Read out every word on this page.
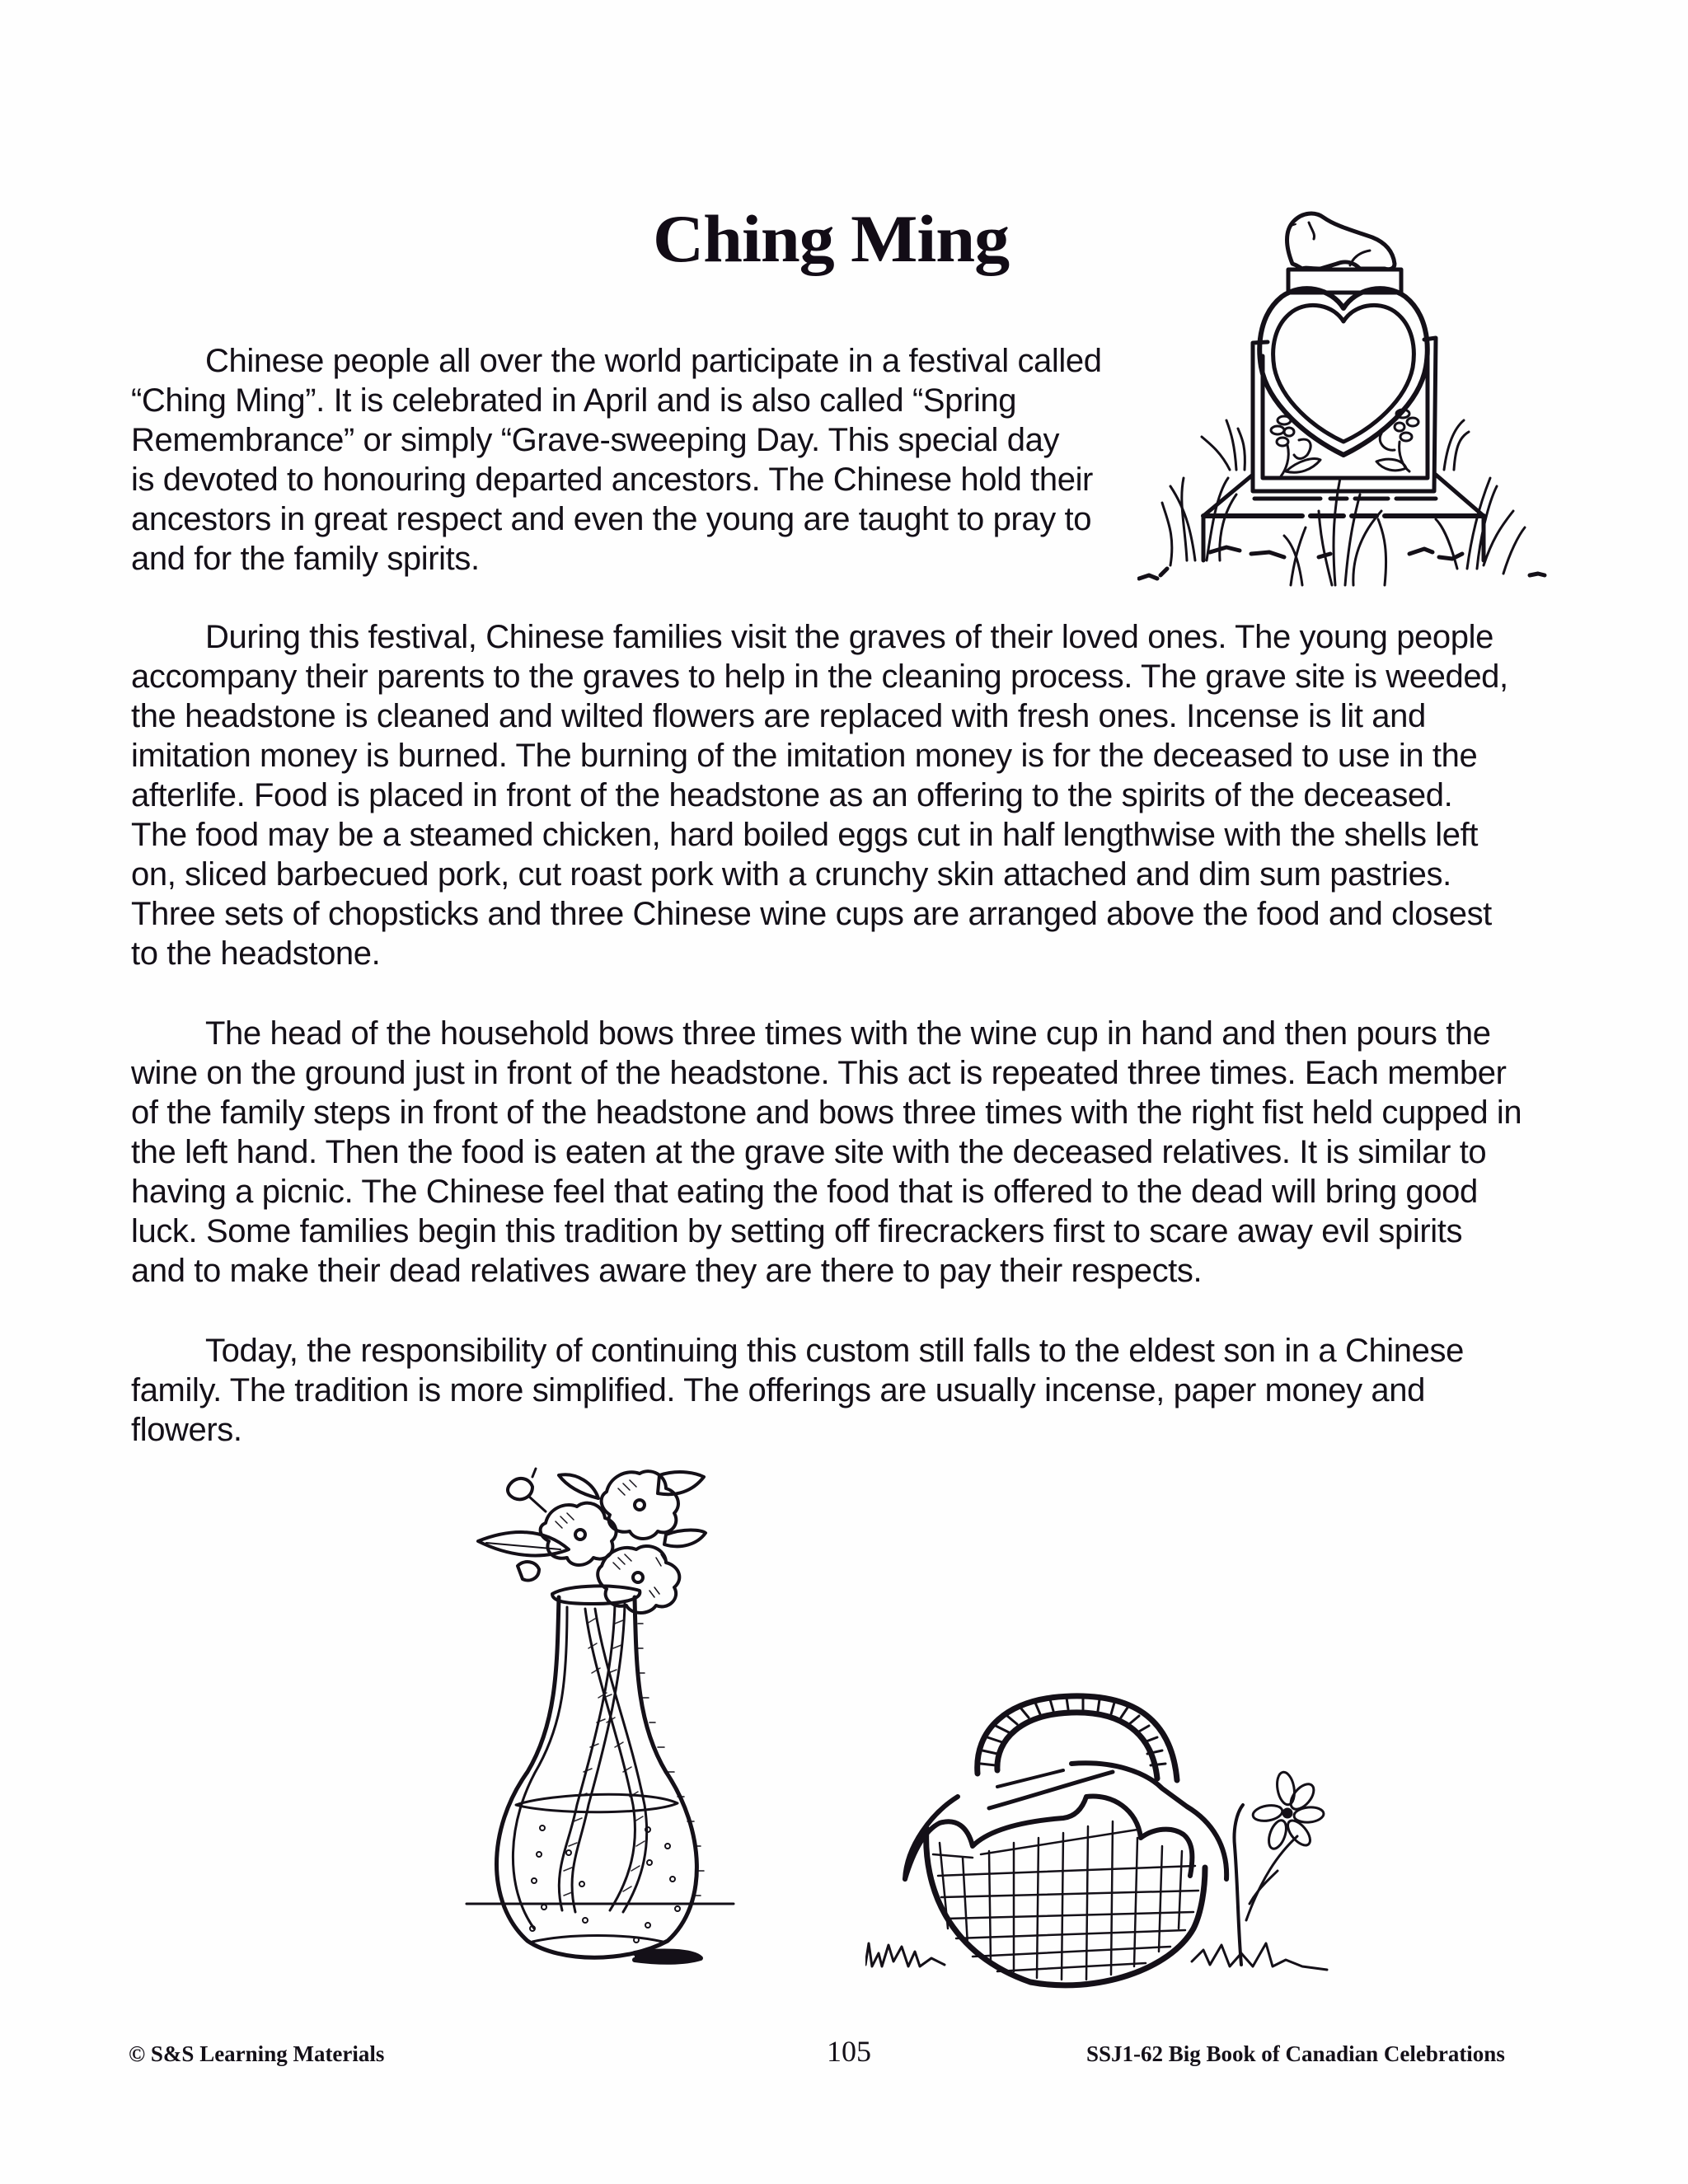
Ching Ming
Chinese people all over the world participate in a festival called
“Ching Ming”. It is celebrated in April and is also called “Spring
Remembrance” or simply “Grave-sweeping Day. This special day
is devoted to honouring departed ancestors. The Chinese hold their
ancestors in great respect and even the young are taught to pray to
and for the family spirits.
During this festival, Chinese families visit the graves of their loved ones. The young people
accompany their parents to the graves to help in the cleaning process. The grave site is weeded,
the headstone is cleaned and wilted flowers are replaced with fresh ones. Incense is lit and
imitation money is burned. The burning of the imitation money is for the deceased to use in the
afterlife. Food is placed in front of the headstone as an offering to the spirits of the deceased.
The food may be a steamed chicken, hard boiled eggs cut in half lengthwise with the shells left
on, sliced barbecued pork, cut roast pork with a crunchy skin attached and dim sum pastries.
Three sets of chopsticks and three Chinese wine cups are arranged above the food and closest
to the headstone.
The head of the household bows three times with the wine cup in hand and then pours the
wine on the ground just in front of the headstone. This act is repeated three times. Each member
of the family steps in front of the headstone and bows three times with the right fist held cupped in
the left hand. Then the food is eaten at the grave site with the deceased relatives. It is similar to
having a picnic. The Chinese feel that eating the food that is offered to the dead will bring good
luck. Some families begin this tradition by setting off firecrackers first to scare away evil spirits
and to make their dead relatives aware they are there to pay their respects.
Today, the responsibility of continuing this custom still falls to the eldest son in a Chinese
family. The tradition is more simplified. The offerings are usually incense, paper money and
flowers.
© S&S Learning Materials	105	SSJ1-62 Big Book of Canadian Celebrations
